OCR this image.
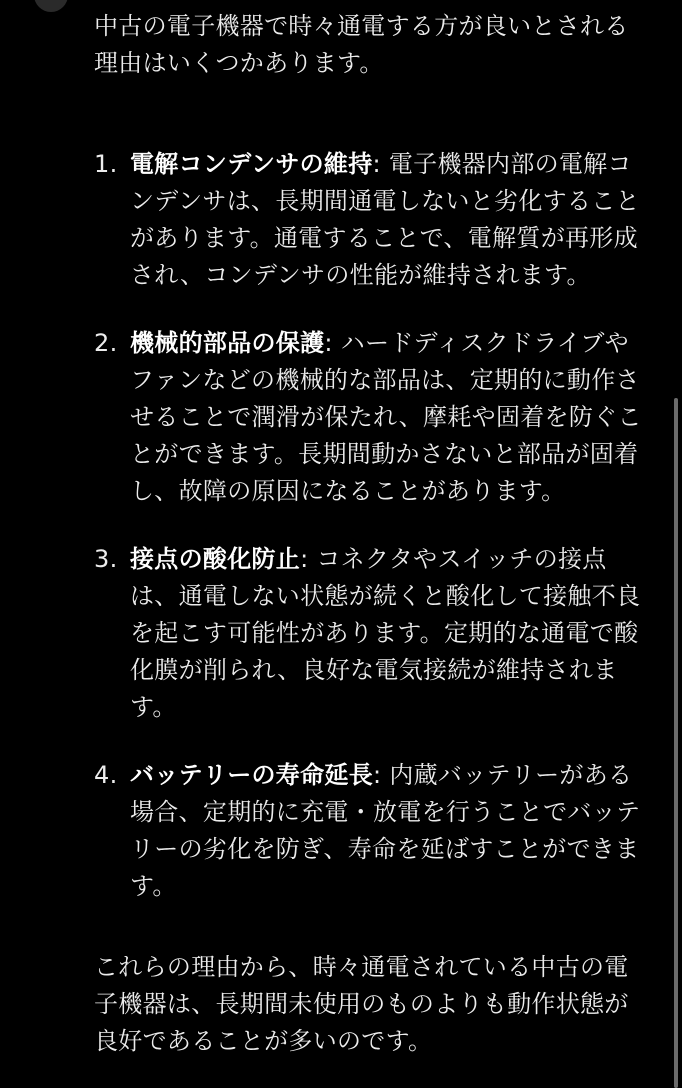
中古の電子機器で時々通電する方が良いとされる理由はいくつかあります。

1. 電解コンデンサの維持: 電子機器内部の電解コンデンサは、長期間通電しないと劣化することがあります。通電することで、電解質が再形成され、コンデンサの性能が維持されます。
2. 機械的部品の保護: ハードディスクドライブやファンなどの機械的な部品は、定期的に動作させることで潤滑が保たれ、摩耗や固着を防ぐことができます。長期間動かさないと部品が固着し、故障の原因になることがあります。
3. 接点の酸化防止: コネクタやスイッチの接点は、通電しない状態が続くと酸化して接触不良を起こす可能性があります。定期的な通電で酸化膜が削られ、良好な電気接続が維持されます。
4. バッテリーの寿命延長: 内蔵バッテリーがある場合、定期的に充電・放電を行うことでバッテリーの劣化を防ぎ、寿命を延ばすことができます。

これらの理由から、時々通電されている中古の電子機器は、長期間未使用のものよりも動作状態が良好であることが多いのです。
